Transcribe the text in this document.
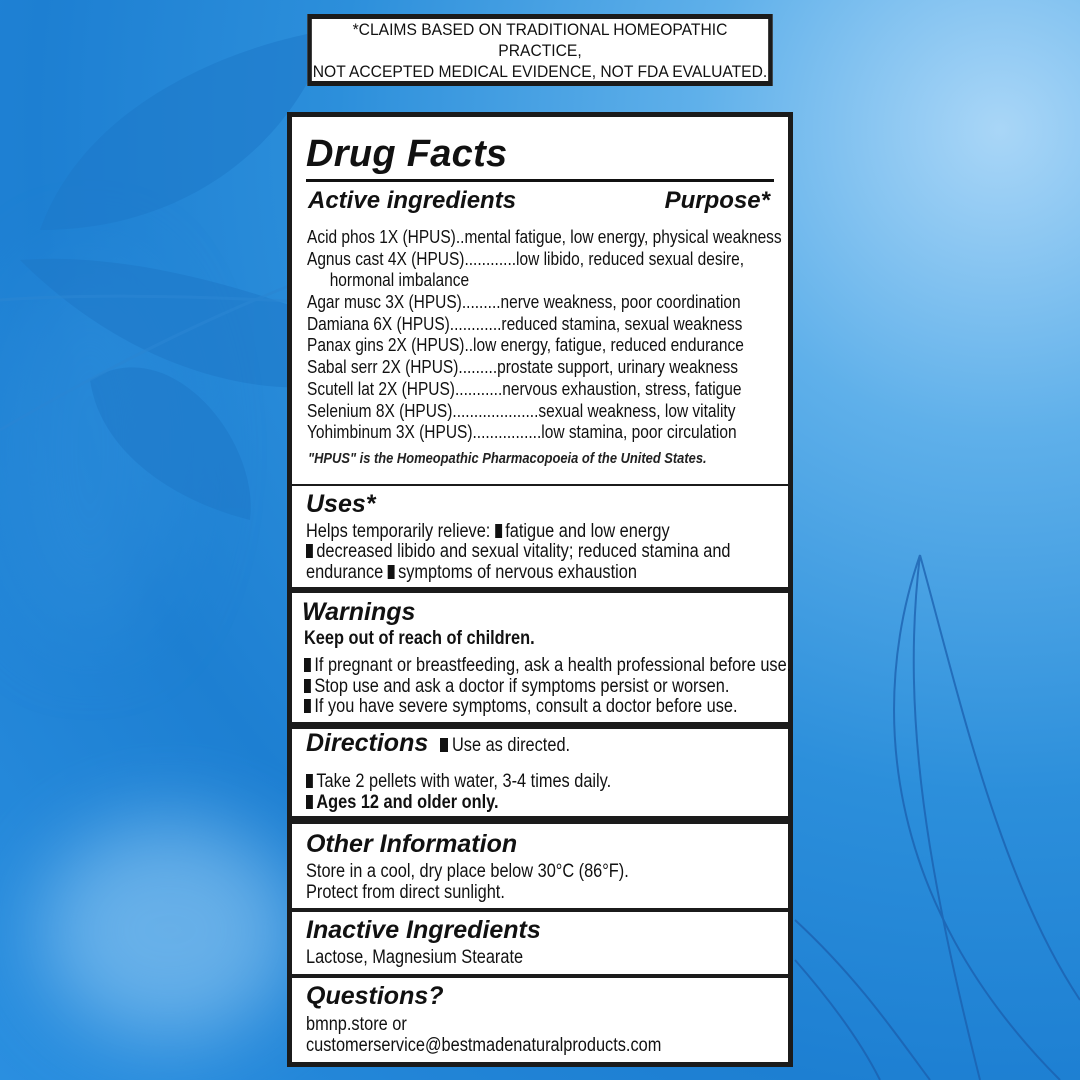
*CLAIMS BASED ON TRADITIONAL HOMEOPATHIC PRACTICE,
NOT ACCEPTED MEDICAL EVIDENCE, NOT FDA EVALUATED.
Drug Facts
Active ingredients	Purpose*
Acid phos 1X (HPUS)..mental fatigue, low energy, physical weakness
Agnus cast 4X (HPUS)............low libido, reduced sexual desire,
hormonal imbalance
Agar musc 3X (HPUS).........nerve weakness, poor coordination
Damiana 6X (HPUS)............reduced stamina, sexual weakness
Panax gins 2X (HPUS)..low energy, fatigue, reduced endurance
Sabal serr 2X (HPUS).........prostate support, urinary weakness
Scutell lat 2X (HPUS)...........nervous exhaustion, stress, fatigue
Selenium 8X (HPUS)....................sexual weakness, low vitality
Yohimbinum 3X (HPUS)................low stamina, poor circulation
"HPUS" is the Homeopathic Pharmacopoeia of the United States.
Uses*
Helps temporarily relieve: fatigue and low energy
decreased libido and sexual vitality; reduced stamina and
endurance symptoms of nervous exhaustion
Warnings
Keep out of reach of children.
If pregnant or breastfeeding, ask a health professional before use.
Stop use and ask a doctor if symptoms persist or worsen.
If you have severe symptoms, consult a doctor before use.
Directions Use as directed.
Take 2 pellets with water, 3-4 times daily.
Ages 12 and older only.
Other Information
Store in a cool, dry place below 30°C (86°F).
Protect from direct sunlight.
Inactive Ingredients
Lactose, Magnesium Stearate
Questions?
bmnp.store or
customerservice@bestmadenaturalproducts.com
